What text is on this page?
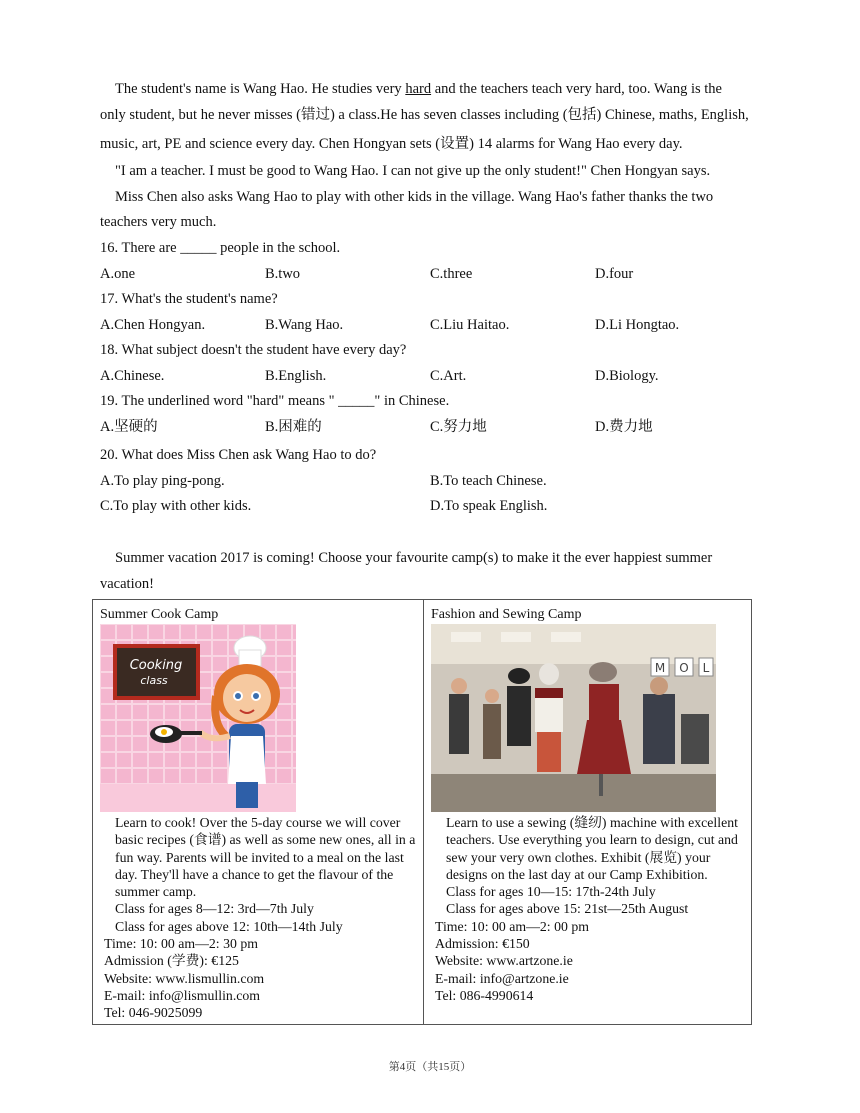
The student's name is Wang Hao. He studies very hard and the teachers teach very hard, too. Wang is the
only student, but he never misses (错过) a class.He has seven classes including (包括) Chinese, maths, English,
music, art, PE and science every day. Chen Hongyan sets (设置) 14 alarms for Wang Hao every day.
"I am a teacher. I must be good to Wang Hao. I can not give up the only student!" Chen Hongyan says.
Miss Chen also asks Wang Hao to play with other kids in the village. Wang Hao's father thanks the two
teachers very much.
16. There are _____ people in the school.
A.one	B.two	C.three	D.four
17. What's the student's name?
A.Chen Hongyan.	B.Wang Hao.	C.Liu Haitao.	D.Li Hongtao.
18. What subject doesn't the student have every day?
A.Chinese.	B.English.	C.Art.	D.Biology.
19. The underlined word "hard" means " _____" in Chinese.
A.坚硬的	B.困难的	C.努力地	D.费力地
20. What does Miss Chen ask Wang Hao to do?
A.To play ping-pong.	B.To teach Chinese.
C.To play with other kids.	D.To speak English.
Summer vacation 2017 is coming! Choose your favourite camp(s) to make it the ever happiest summer
vacation!
Summer Cook Camp
Cooking
class

Learn to cook! Over the 5-day course we will cover basic recipes (食谱) as well as some new ones, all in a fun way. Parents will be invited to a meal on the last day. They'll have a chance to get the flavour of the summer camp.

Class for ages 8—12: 3rd—7th July

Class for ages above 12: 10th—14th July

Time: 10: 00 am—2: 30 pm

Admission (学费): €125

Website: www.lismullin.com

E-mail: info@lismullin.com

Tel: 046-9025099

Fashion and Sewing Camp
M O L

Learn to use a sewing (缝纫) machine with excellent teachers. Use everything you learn to design, cut and sew your very own clothes. Exhibit (展览) your designs on the last day at our Camp Exhibition.

Class for ages 10—15: 17th-24th July

Class for ages above 15: 21st—25th August

Time: 10: 00 am—2: 00 pm

Admission: €150

Website: www.artzone.ie

E-mail: info@artzone.ie

Tel: 086-4990614

第4页（共15页）
